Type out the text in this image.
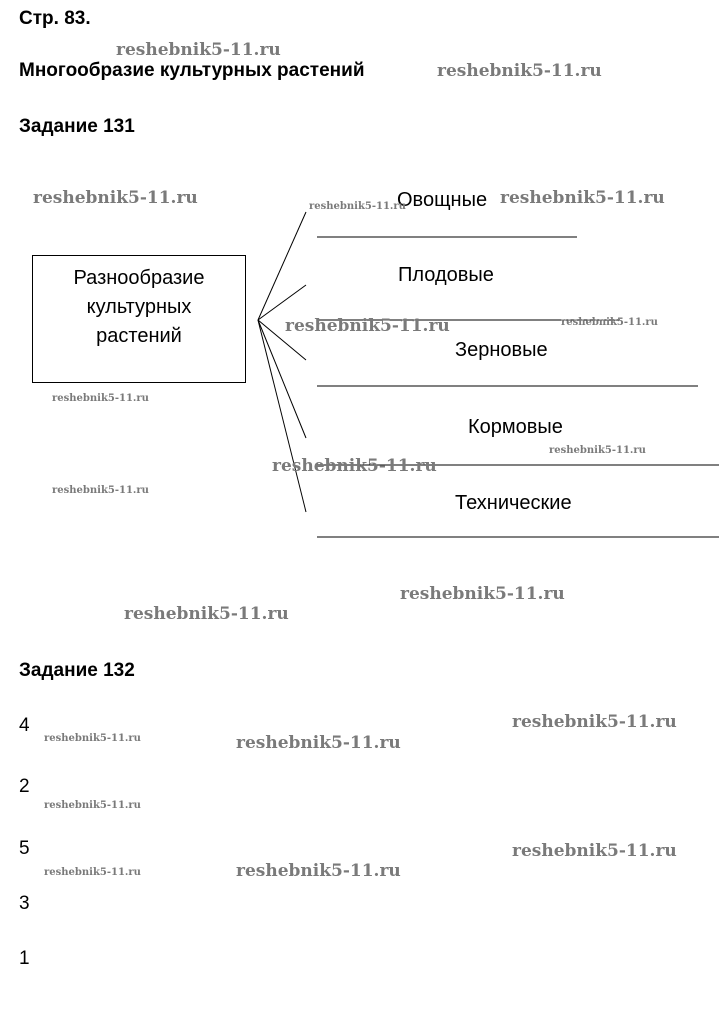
Стр. 83.
Многообразие культурных растений
Задание 131
Разнообразие
культурных
растений
Овощные
Плодовые
Зерновые
Кормовые
Технические
Задание 132
4
2
5
3
1
reshebnik5-11.ru
reshebnik5-11.ru
reshebnik5-11.ru	reshebnik5-11.ru	reshebnik5-11.ru
reshebnik5-11.ru	reshebnik5-11.ru
reshebnik5-11.ru
reshebnik5-11.ru
reshebnik5-11.ru
reshebnik5-11.ru
reshebnik5-11.ru
reshebnik5-11.ru
reshebnik5-11.ru
reshebnik5-11.ru	reshebnik5-11.ru
reshebnik5-11.ru
reshebnik5-11.ru
reshebnik5-11.ru	reshebnik5-11.ru
